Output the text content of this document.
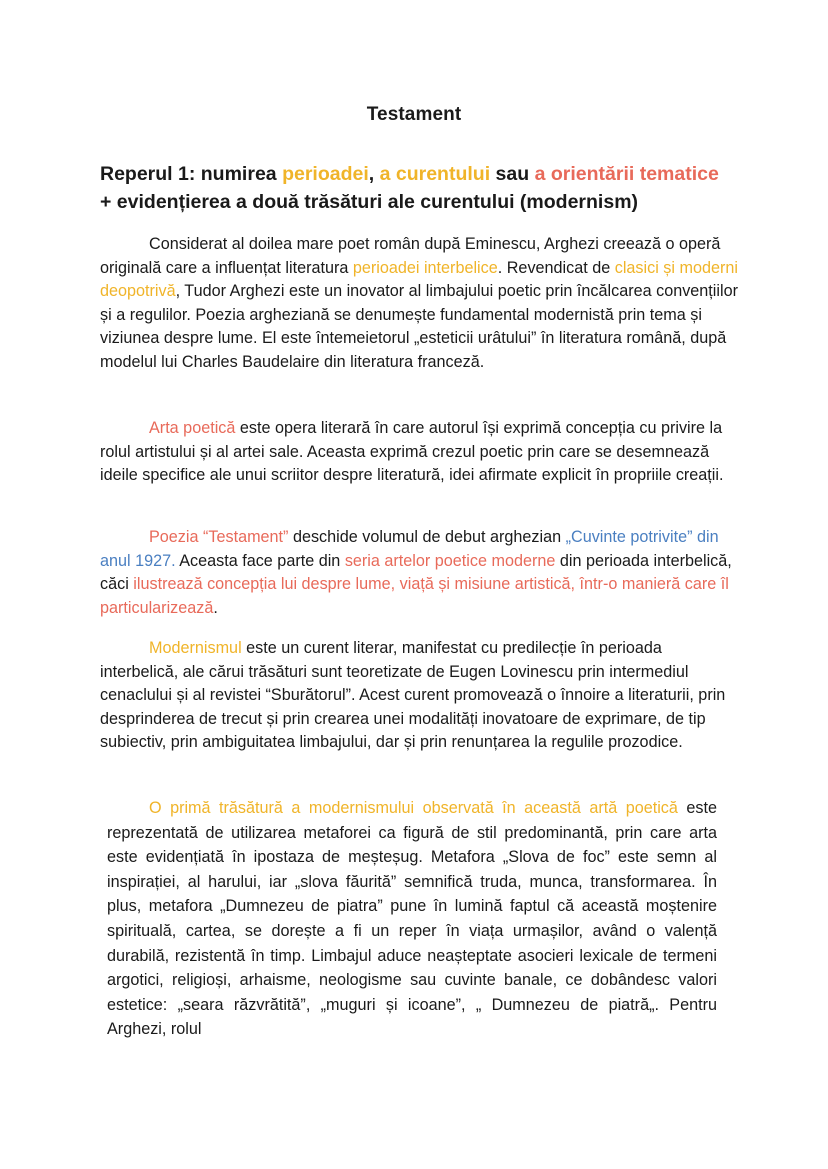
Testament
Reperul 1: numirea perioadei, a curentului sau a orientării tematice
+ evidențierea a două trăsături ale curentului (modernism)
Considerat al doilea mare poet român după Eminescu, Arghezi creează o operă originală care a influențat literatura perioadei interbelice. Revendicat de clasici și moderni deopotrivă, Tudor Arghezi este un inovator al limbajului poetic prin încălcarea convențiilor și a regulilor. Poezia argheziană se denumește fundamental modernistă prin tema și viziunea despre lume. El este întemeietorul „esteticii urâtului” în literatura română, după modelul lui Charles Baudelaire din literatura franceză.
Arta poetică este opera literară în care autorul își exprimă concepția cu privire la rolul artistului și al artei sale. Aceasta exprimă crezul poetic prin care se desemnează ideile specifice ale unui scriitor despre literatură, idei afirmate explicit în propriile creații.
Poezia “Testament” deschide volumul de debut arghezian „Cuvinte potrivite” din anul 1927. Aceasta face parte din seria artelor poetice moderne din perioada interbelică, căci ilustrează concepția lui despre lume, viață și misiune artistică, într-o manieră care îl particularizează.
Modernismul este un curent literar, manifestat cu predilecție în perioada interbelică, ale cărui trăsături sunt teoretizate de Eugen Lovinescu prin intermediul cenaclului și al revistei “Sburătorul”. Acest curent promovează o înnoire a literaturii, prin desprinderea de trecut și prin crearea unei modalități inovatoare de exprimare, de tip subiectiv, prin ambiguitatea limbajului, dar și prin renunțarea la regulile prozodice.
O primă trăsătură a modernismului observată în această artă poetică este reprezentată de utilizarea metaforei ca figură de stil predominantă, prin care arta este evidențiată în ipostaza de meșteșug. Metafora „Slova de foc” este semn al inspirației, al harului, iar „slova făurită” semnifică truda, munca, transformarea. În plus, metafora „Dumnezeu de piatra” pune în lumină faptul că această moștenire spirituală, cartea, se dorește a fi un reper în viața urmașilor, având o valență durabilă, rezistentă în timp. Limbajul aduce neașteptate asocieri lexicale de termeni argotici, religioși, arhaisme, neologisme sau cuvinte banale, ce dobândesc valori estetice: „seara răzvrătită”, „muguri și icoane”, „ Dumnezeu de piatră„. Pentru Arghezi, rolul
